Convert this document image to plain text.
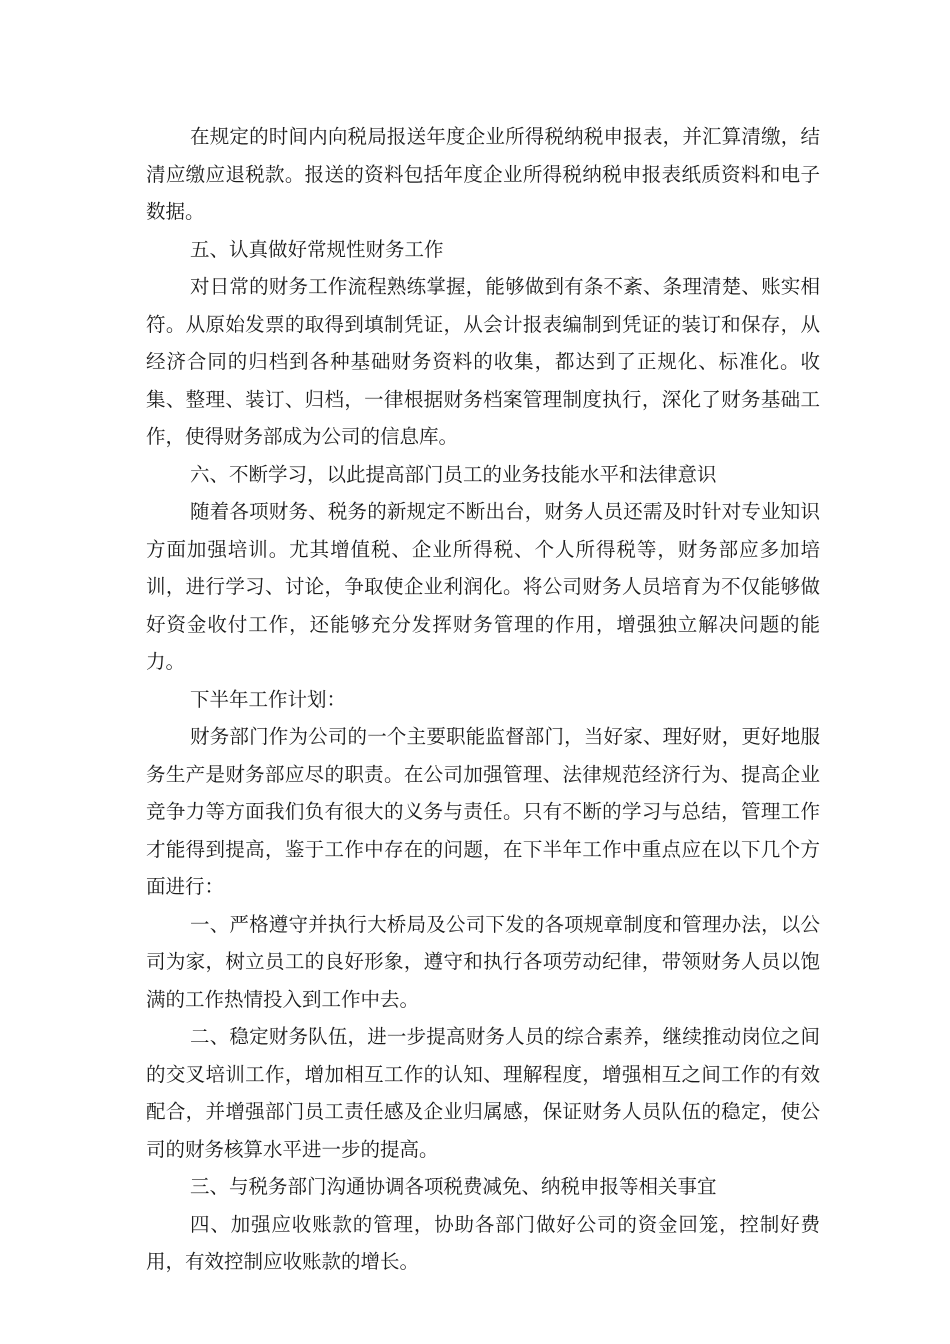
在规定的时间内向税局报送年度企业所得税纳税申报表，并汇算清缴，结清应缴应退税款。报送的资料包括年度企业所得税纳税申报表纸质资料和电子数据。

五、认真做好常规性财务工作

对日常的财务工作流程熟练掌握，能够做到有条不紊、条理清楚、账实相符。从原始发票的取得到填制凭证，从会计报表编制到凭证的装订和保存，从经济合同的归档到各种基础财务资料的收集，都达到了正规化、标准化。收集、整理、装订、归档，一律根据财务档案管理制度执行，深化了财务基础工作，使得财务部成为公司的信息库。

六、不断学习，以此提高部门员工的业务技能水平和法律意识

随着各项财务、税务的新规定不断出台，财务人员还需及时针对专业知识方面加强培训。尤其增值税、企业所得税、个人所得税等，财务部应多加培训，进行学习、讨论，争取使企业利润化。将公司财务人员培育为不仅能够做好资金收付工作，还能够充分发挥财务管理的作用，增强独立解决问题的能力。

下半年工作计划：

财务部门作为公司的一个主要职能监督部门，当好家、理好财，更好地服务生产是财务部应尽的职责。在公司加强管理、法律规范经济行为、提高企业竞争力等方面我们负有很大的义务与责任。只有不断的学习与总结，管理工作才能得到提高，鉴于工作中存在的问题，在下半年工作中重点应在以下几个方面进行：

一、严格遵守并执行大桥局及公司下发的各项规章制度和管理办法，以公司为家，树立员工的良好形象，遵守和执行各项劳动纪律，带领财务人员以饱满的工作热情投入到工作中去。

二、稳定财务队伍，进一步提高财务人员的综合素养，继续推动岗位之间的交叉培训工作，增加相互工作的认知、理解程度，增强相互之间工作的有效配合，并增强部门员工责任感及企业归属感，保证财务人员队伍的稳定，使公司的财务核算水平进一步的提高。

三、与税务部门沟通协调各项税费减免、纳税申报等相关事宜

四、加强应收账款的管理，协助各部门做好公司的资金回笼，控制好费用，有效控制应收账款的增长。
